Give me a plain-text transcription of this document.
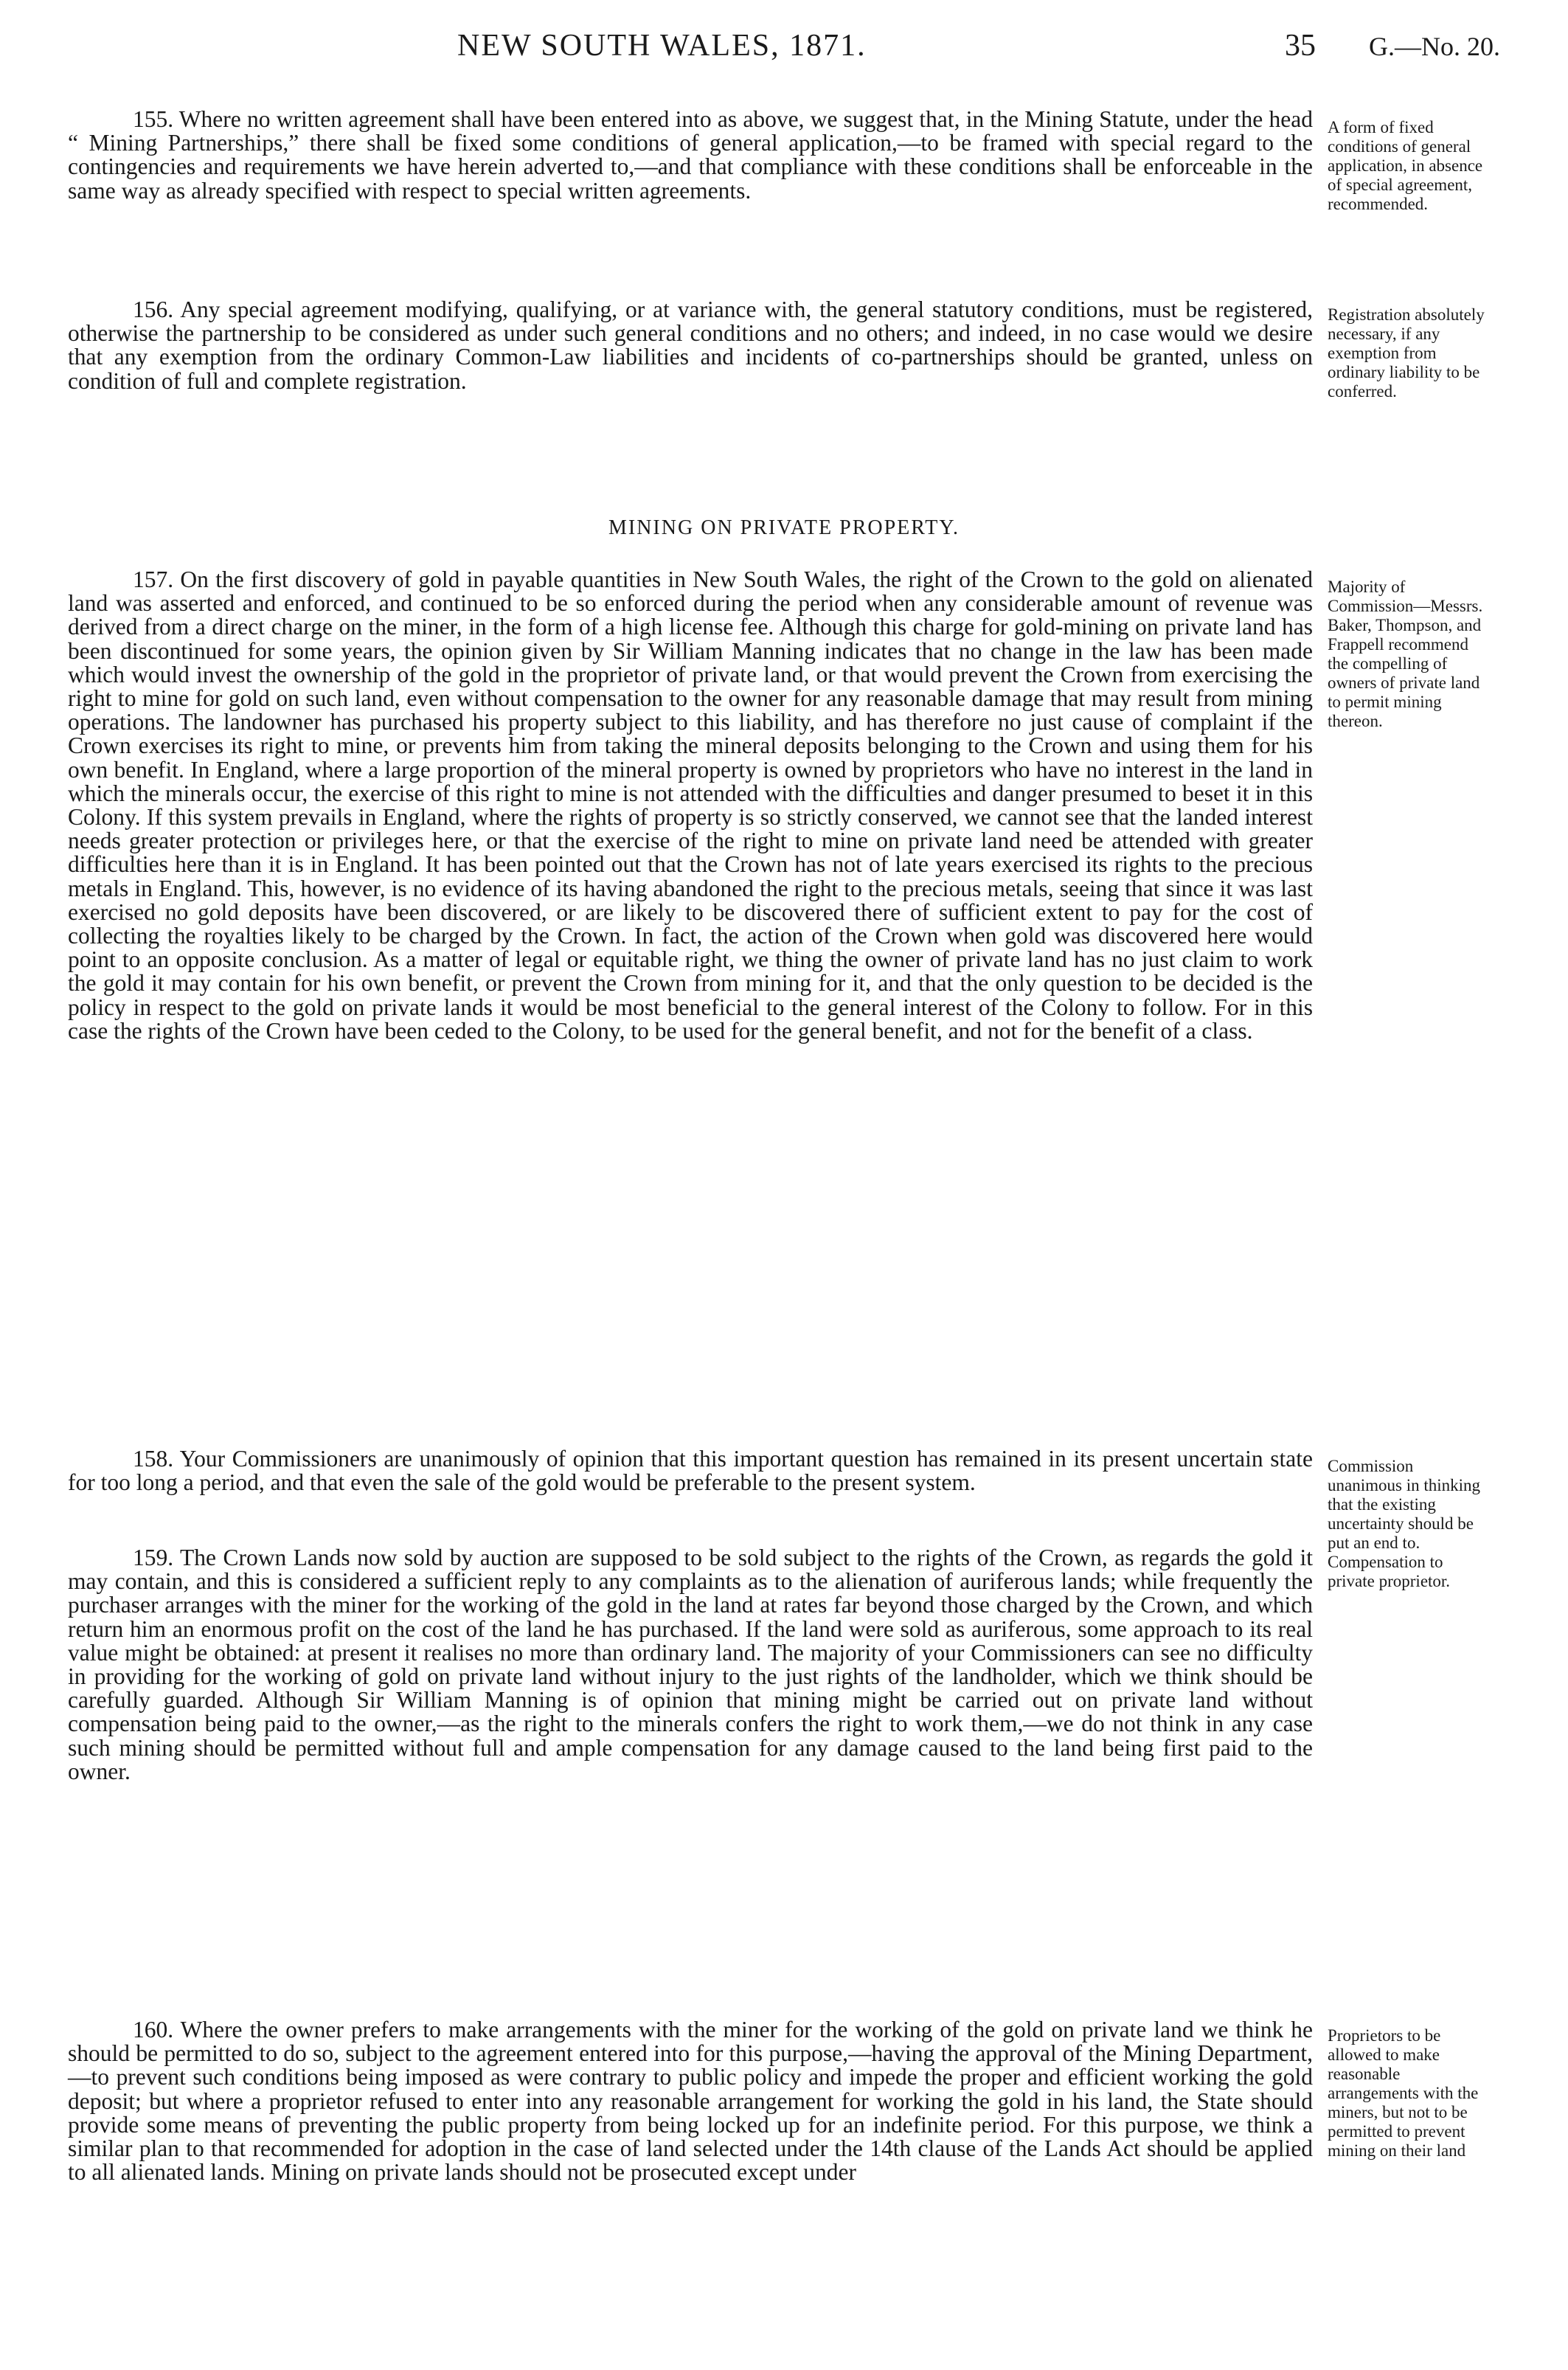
NEW SOUTH WALES, 1871.	35 G.—No. 20.

155. Where no written agreement shall have been entered into as above, we suggest that, in the Mining Statute, under the head “ Mining Partnerships,” there shall be fixed some conditions of general application,—to be framed with special regard to the contingencies and requirements we have herein adverted to,—and that compliance with these conditions shall be enforceable in the same way as already specified with respect to special written agreements.

A form of fixed conditions of general application, in absence of special agreement, recommended.

156. Any special agreement modifying, qualifying, or at variance with, the general statutory conditions, must be registered, otherwise the partnership to be considered as under such general conditions and no others; and indeed, in no case would we desire that any exemption from the ordinary Common-Law liabilities and incidents of co-partnerships should be granted, unless on condition of full and complete registration.

Registration absolutely necessary, if any exemption from ordinary liability to be conferred.

MINING ON PRIVATE PROPERTY.

157. On the first discovery of gold in payable quantities in New South Wales, the right of the Crown to the gold on alienated land was asserted and enforced, and continued to be so enforced during the period when any considerable amount of revenue was derived from a direct charge on the miner, in the form of a high license fee. Although this charge for gold-mining on private land has been discontinued for some years, the opinion given by Sir William Manning indicates that no change in the law has been made which would invest the ownership of the gold in the proprietor of private land, or that would prevent the Crown from exercising the right to mine for gold on such land, even without compensation to the owner for any reasonable damage that may result from mining operations. The landowner has purchased his property subject to this liability, and has therefore no just cause of complaint if the Crown exercises its right to mine, or prevents him from taking the mineral deposits belonging to the Crown and using them for his own benefit. In England, where a large proportion of the mineral property is owned by proprietors who have no interest in the land in which the minerals occur, the exercise of this right to mine is not attended with the difficulties and danger presumed to beset it in this Colony. If this system prevails in England, where the rights of property is so strictly conserved, we cannot see that the landed interest needs greater protection or privileges here, or that the exercise of the right to mine on private land need be attended with greater difficulties here than it is in England. It has been pointed out that the Crown has not of late years exercised its rights to the precious metals in England. This, however, is no evidence of its having abandoned the right to the precious metals, seeing that since it was last exercised no gold deposits have been discovered, or are likely to be discovered there of sufficient extent to pay for the cost of collecting the royalties likely to be charged by the Crown. In fact, the action of the Crown when gold was discovered here would point to an opposite conclusion. As a matter of legal or equitable right, we thing the owner of private land has no just claim to work the gold it may contain for his own benefit, or prevent the Crown from mining for it, and that the only question to be decided is the policy in respect to the gold on private lands it would be most beneficial to the general interest of the Colony to follow. For in this case the rights of the Crown have been ceded to the Colony, to be used for the general benefit, and not for the benefit of a class.

Majority of Commission—Messrs. Baker, Thompson, and Frappell recommend the compelling of owners of private land to permit mining thereon.

158. Your Commissioners are unanimously of opinion that this important question has remained in its present uncertain state for too long a period, and that even the sale of the gold would be preferable to the present system.

Commission unanimous in thinking that the existing uncertainty should be put an end to. Compensation to private proprietor.

159. The Crown Lands now sold by auction are supposed to be sold subject to the rights of the Crown, as regards the gold it may contain, and this is considered a sufficient reply to any complaints as to the alienation of auriferous lands; while frequently the purchaser arranges with the miner for the working of the gold in the land at rates far beyond those charged by the Crown, and which return him an enormous profit on the cost of the land he has purchased. If the land were sold as auriferous, some approach to its real value might be obtained: at present it realises no more than ordinary land. The majority of your Commissioners can see no difficulty in providing for the working of gold on private land without injury to the just rights of the landholder, which we think should be carefully guarded. Although Sir William Manning is of opinion that mining might be carried out on private land without compensation being paid to the owner,—as the right to the minerals confers the right to work them,—we do not think in any case such mining should be permitted without full and ample compensation for any damage caused to the land being first paid to the owner.

160. Where the owner prefers to make arrangements with the miner for the working of the gold on private land we think he should be permitted to do so, subject to the agreement entered into for this purpose,—having the approval of the Mining Department,—to prevent such conditions being imposed as were contrary to public policy and impede the proper and efficient working the gold deposit; but where a proprietor refused to enter into any reasonable arrangement for working the gold in his land, the State should provide some means of preventing the public property from being locked up for an indefinite period. For this purpose, we think a similar plan to that recommended for adoption in the case of land selected under the 14th clause of the Lands Act should be applied to all alienated lands. Mining on private lands should not be prosecuted except under

Proprietors to be allowed to make reasonable arrangements with the miners, but not to be permitted to prevent mining on their land
